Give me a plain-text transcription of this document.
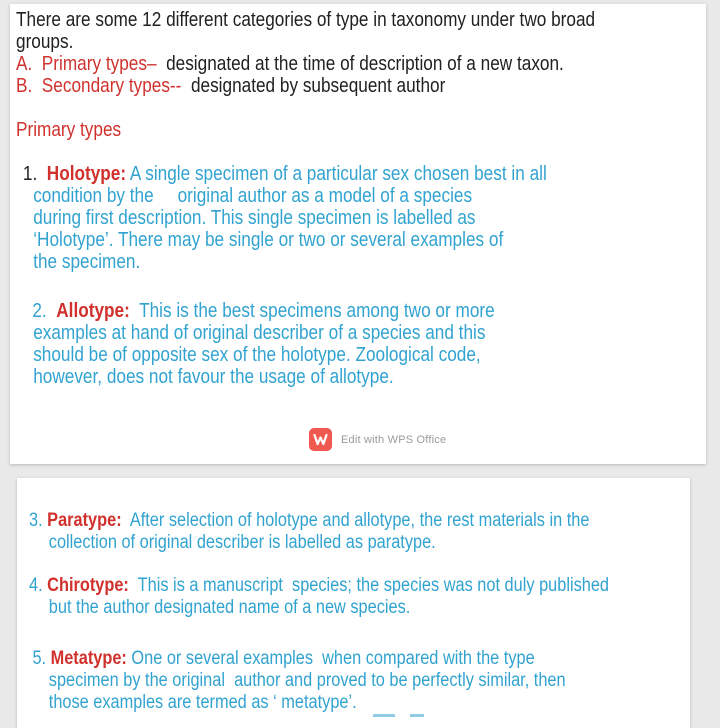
There are some 12 different categories of type in taxonomy under two broad
groups.
A.  Primary types–  designated at the time of description of a new taxon.
B.  Secondary types--  designated by subsequent author
Primary types
1.  Holotype: A single specimen of a particular sex chosen best in all
condition by the     original author as a model of a species
during first description. This single specimen is labelled as
‘Holotype’. There may be single or two or several examples of
the specimen.
2.  Allotype:  This is the best specimens among two or more
examples at hand of original describer of a species and this
should be of opposite sex of the holotype. Zoological code,
however, does not favour the usage of allotype.
Edit with WPS Office
3. Paratype:  After selection of holotype and allotype, the rest materials in the
collection of original describer is labelled as paratype.
4. Chirotype:  This is a manuscript  species; the species was not duly published
but the author designated name of a new species.
5. Metatype: One or several examples  when compared with the type
specimen by the original  author and proved to be perfectly similar, then
those examples are termed as ‘ metatype’.
